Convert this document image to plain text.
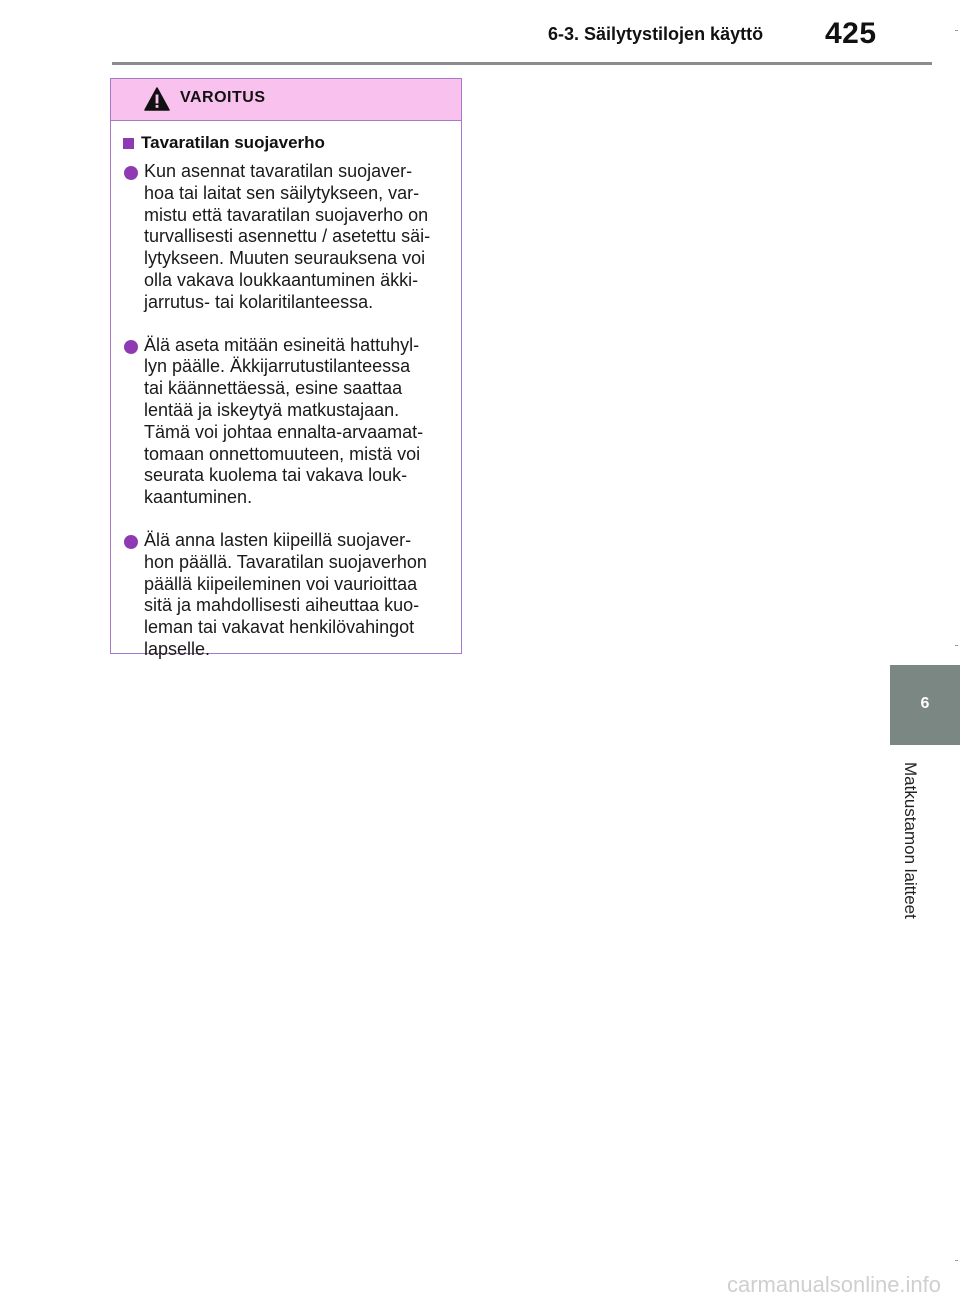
6-3. Säilytystilojen käyttö 425
VAROITUS
Tavaratilan suojaverho
Kun asennat tavaratilan suojaver-
hoa tai laitat sen säilytykseen, var-
mistu että tavaratilan suojaverho on
turvallisesti asennettu / asetettu säi-
lytykseen. Muuten seurauksena voi
olla vakava loukkaantuminen äkki-
jarrutus- tai kolaritilanteessa.
Älä aseta mitään esineitä hattuhyl-
lyn päälle. Äkkijarrutustilanteessa
tai käännettäessä, esine saattaa
lentää ja iskeytyä matkustajaan.
Tämä voi johtaa ennalta-arvaamat-
tomaan onnettomuuteen, mistä voi
seurata kuolema tai vakava louk-
kaantuminen.
Älä anna lasten kiipeillä suojaver-
hon päällä. Tavaratilan suojaverhon
päällä kiipeileminen voi vaurioittaa
sitä ja mahdollisesti aiheuttaa kuo-
leman tai vakavat henkilövahingot
lapselle.
6
Matkustamon laitteet
carmanualsonline.info
